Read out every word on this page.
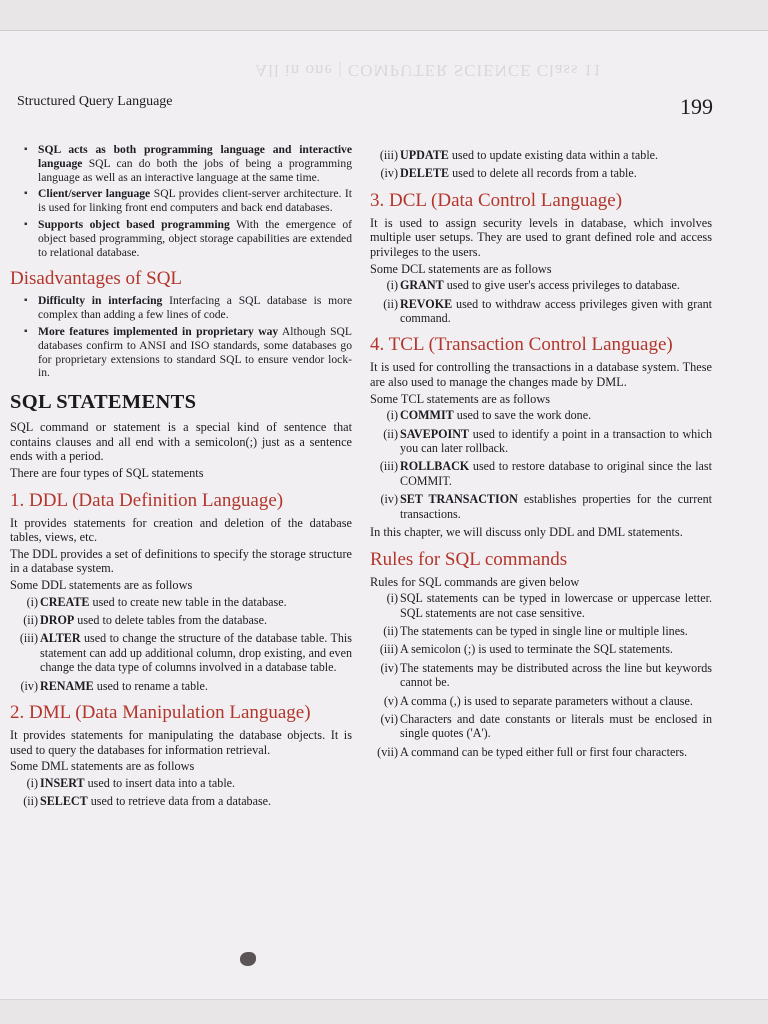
All in one | COMPUTER SCIENCE Class 11
Structured Query Language	199
▪ SQL acts as both programming language and interactive language SQL can do both the jobs of being a programming language as well as an interactive language at the same time.
▪ Client/server language SQL provides client-server architecture. It is used for linking front end computers and back end databases.
▪ Supports object based programming With the emergence of object based programming, object storage capabilities are extended to relational database.
Disadvantages of SQL
▪ Difficulty in interfacing Interfacing a SQL database is more complex than adding a few lines of code.
▪ More features implemented in proprietary way Although SQL databases confirm to ANSI and ISO standards, some databases go for proprietary extensions to standard SQL to ensure vendor lock-in.
SQL STATEMENTS
SQL command or statement is a special kind of sentence that contains clauses and all end with a semicolon(;) just as a sentence ends with a period.
There are four types of SQL statements
1. DDL (Data Definition Language)
It provides statements for creation and deletion of the database tables, views, etc.
The DDL provides a set of definitions to specify the storage structure in a database system.
Some DDL statements are as follows
(i) CREATE used to create new table in the database.
(ii) DROP used to delete tables from the database.
(iii) ALTER used to change the structure of the database table. This statement can add up additional column, drop existing, and even change the data type of columns involved in a database table.
(iv) RENAME used to rename a table.
2. DML (Data Manipulation Language)
It provides statements for manipulating the database objects. It is used to query the databases for information retrieval.
Some DML statements are as follows
(i) INSERT used to insert data into a table.
(ii) SELECT used to retrieve data from a database.
(iii) UPDATE used to update existing data within a table.
(iv) DELETE used to delete all records from a table.
3. DCL (Data Control Language)
It is used to assign security levels in database, which involves multiple user setups. They are used to grant defined role and access privileges to the users.
Some DCL statements are as follows
(i) GRANT used to give user's access privileges to database.
(ii) REVOKE used to withdraw access privileges given with grant command.
4. TCL (Transaction Control Language)
It is used for controlling the transactions in a database system. These are also used to manage the changes made by DML.
Some TCL statements are as follows
(i) COMMIT used to save the work done.
(ii) SAVEPOINT used to identify a point in a transaction to which you can later rollback.
(iii) ROLLBACK used to restore database to original since the last COMMIT.
(iv) SET TRANSACTION establishes properties for the current transactions.
In this chapter, we will discuss only DDL and DML statements.
Rules for SQL commands
Rules for SQL commands are given below
(i) SQL statements can be typed in lowercase or uppercase letter. SQL statements are not case sensitive.
(ii) The statements can be typed in single line or multiple lines.
(iii) A semicolon (;) is used to terminate the SQL statements.
(iv) The statements may be distributed across the line but keywords cannot be.
(v) A comma (,) is used to separate parameters without a clause.
(vi) Characters and date constants or literals must be enclosed in single quotes ('A').
(vii) A command can be typed either full or first four characters.
